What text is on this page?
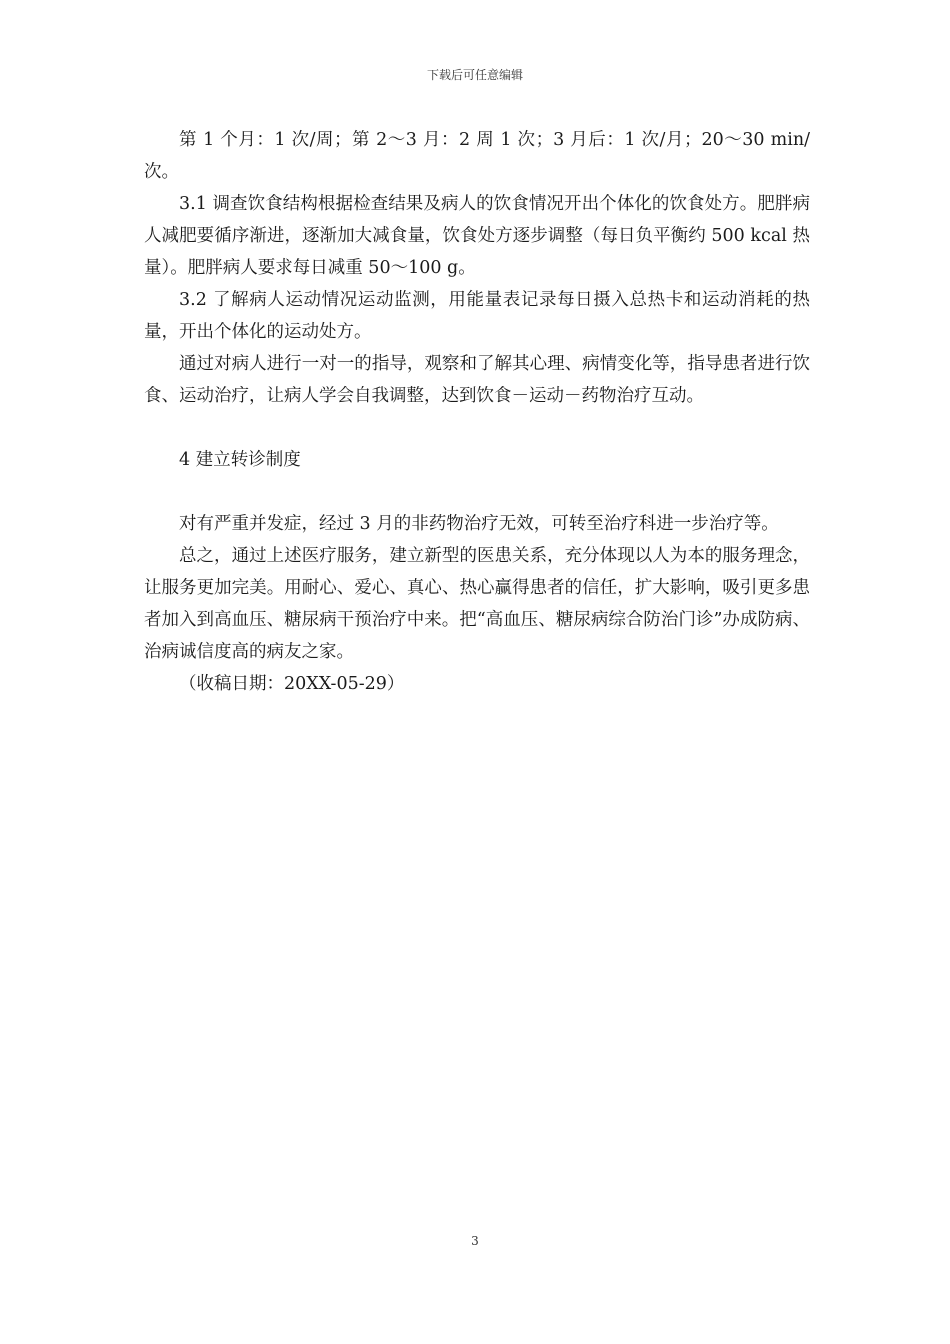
下载后可任意编辑

第 1 个月：1 次/周；第 2～3 月：2 周 1 次；3 月后：1 次/月；20～30 min/次。

3.1 调查饮食结构根据检查结果及病人的饮食情况开出个体化的饮食处方。肥胖病人减肥要循序渐进，逐渐加大减食量，饮食处方逐步调整（每日负平衡约 500 kcal 热量）。肥胖病人要求每日减重 50～100 g。

3.2 了解病人运动情况运动监测，用能量表记录每日摄入总热卡和运动消耗的热量，开出个体化的运动处方。

通过对病人进行一对一的指导，观察和了解其心理、病情变化等，指导患者进行饮食、运动治疗，让病人学会自我调整，达到饮食－运动－药物治疗互动。

4 建立转诊制度

对有严重并发症，经过 3 月的非药物治疗无效，可转至治疗科进一步治疗等。

总之，通过上述医疗服务，建立新型的医患关系，充分体现以人为本的服务理念，让服务更加完美。用耐心、爱心、真心、热心赢得患者的信任，扩大影响，吸引更多患者加入到高血压、糖尿病干预治疗中来。把“高血压、糖尿病综合防治门诊”办成防病、治病诚信度高的病友之家。

（收稿日期：20XX-05-29）

3
